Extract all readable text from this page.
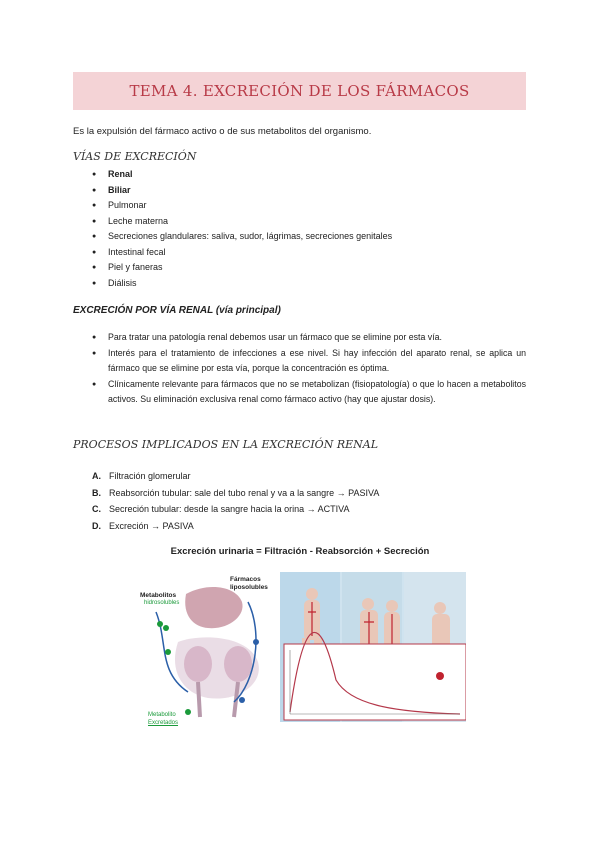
TEMA 4. EXCRECIÓN DE LOS FÁRMACOS
Es la expulsión del fármaco activo o de sus metabolitos del organismo.
VÍAS DE EXCRECIÓN
● Renal
● Biliar
● Pulmonar
● Leche materna
● Secreciones glandulares: saliva, sudor, lágrimas, secreciones genitales
● Intestinal fecal
● Piel y faneras
● Diálisis
EXCRECIÓN POR VÍA RENAL (vía principal)
● Para tratar una patología renal debemos usar un fármaco que se elimine por esta vía.
● Interés para el tratamiento de infecciones a ese nivel. Si hay infección del aparato renal, se aplica un fármaco que se elimine por esta vía, porque la concentración es óptima.
● Clínicamente relevante para fármacos que no se metabolizan (fisiopatología) o que lo hacen a metabolitos activos. Su eliminación exclusiva renal como fármaco activo (hay que ajustar dosis).
PROCESOS IMPLICADOS EN LA EXCRECIÓN RENAL
A. Filtración glomerular
B. Reabsorción tubular: sale del tubo renal y va a la sangre → PASIVA
C. Secreción tubular: desde la sangre hacia la orina → ACTIVA
D. Excreción → PASIVA
Excreción urinaria = Filtración - Reabsorción + Secreción
Metabolitos
hidrosolubles
Fármacos
liposolubles
Metabolito
Excretados
